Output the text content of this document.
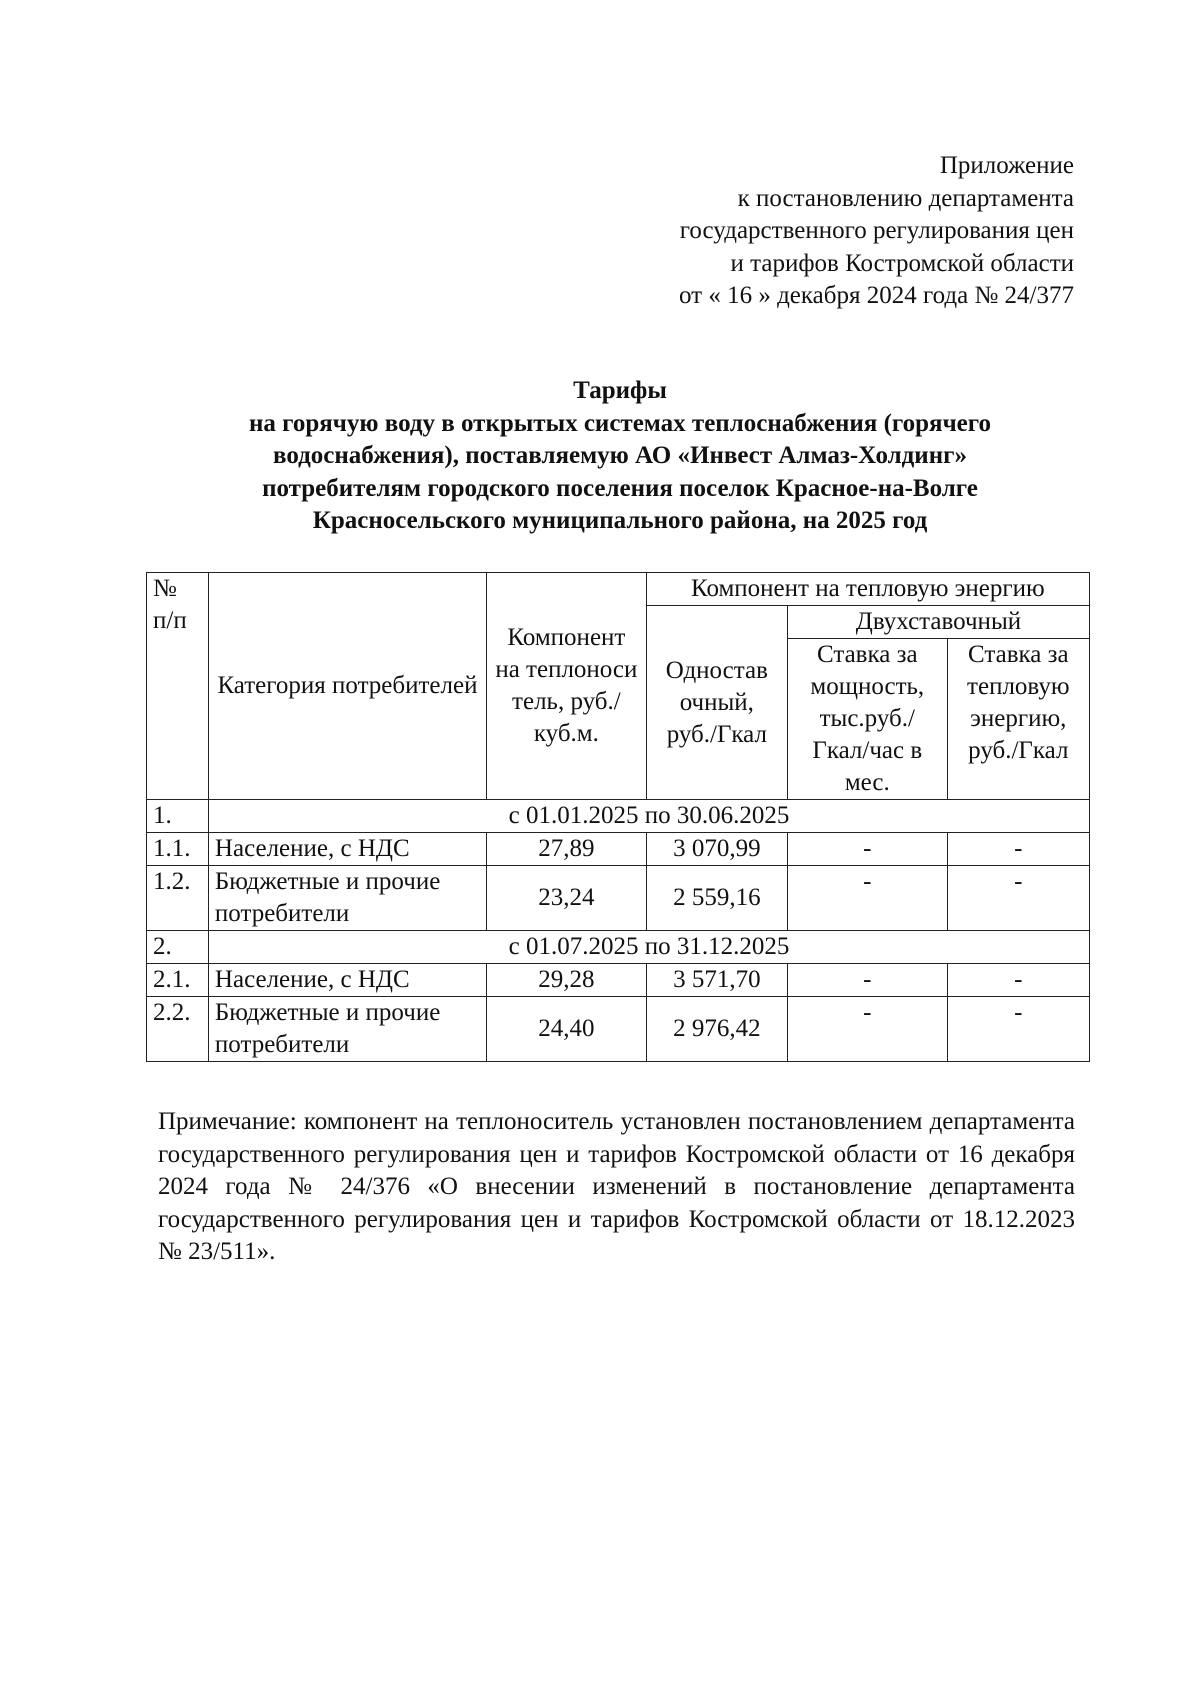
Приложение
к постановлению департамента
государственного регулирования цен
и тарифов Костромской области
от « 16 » декабря 2024 года № 24/377
Тарифы
на горячую воду в открытых системах теплоснабжения (горячего
водоснабжения), поставляемую АО «Инвест Алмаз-Холдинг»
потребителям городского поселения поселок Красное-на-Волге
Красносельского муниципального района, на 2025 год
№
п/п	Категория потребителей	Компонент на теплоноси тель, руб./куб.м.	Компонент на тепловую энергию		
			Одностав очный, руб./Гкал	Двухставочный	
				Ставка за мощность, тыс.руб./ Гкал/час в мес.	Ставка за тепловую энергию, руб./Гкал
1.	с 01.01.2025 по 30.06.2025				
1.1.	Население, с НДС	27,89	3 070,99	-	-
1.2.	Бюджетные и прочие потребители	23,24	2 559,16	-	-
2.	с 01.07.2025 по 31.12.2025				
2.1.	Население, с НДС	29,28	3 571,70	-	-
2.2.	Бюджетные и прочие потребители	24,40	2 976,42	-	-
Примечание: компонент на теплоноситель установлен постановлением департамента государственного регулирования цен и тарифов Костромской области от 16 декабря 2024 года № 24/376 «О внесении изменений в постановление департамента государственного регулирования цен и тарифов Костромской области от 18.12.2023 № 23/511».
